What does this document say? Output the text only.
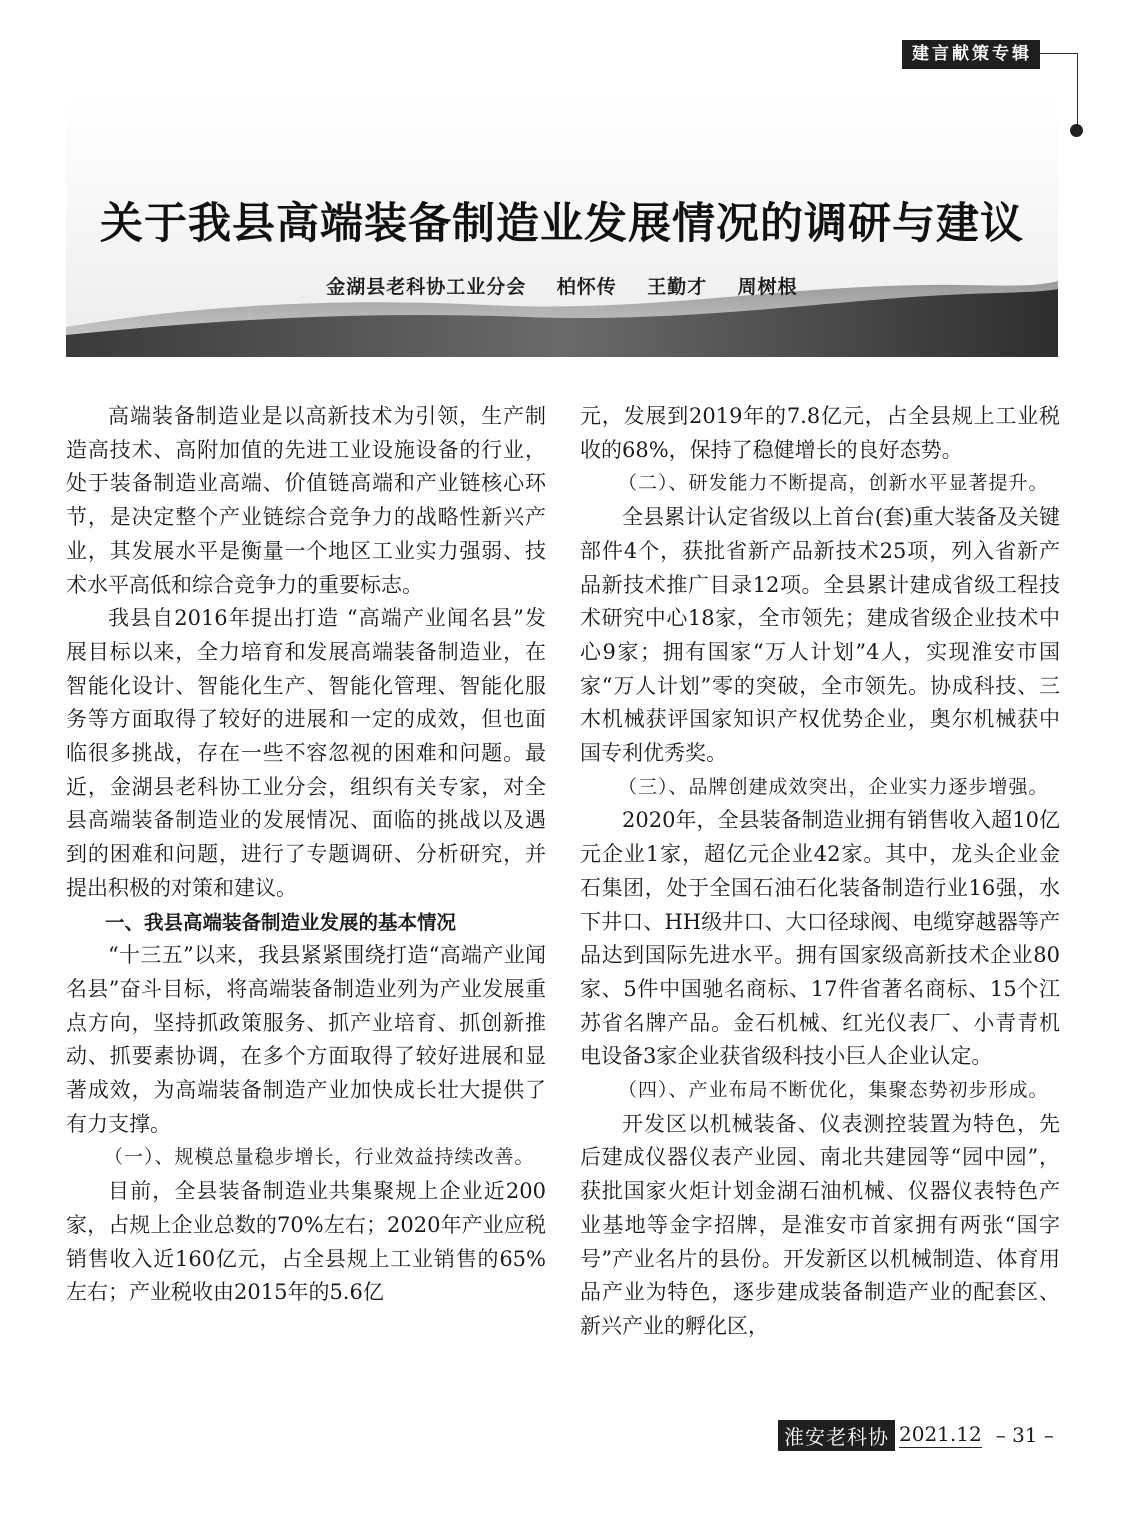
建言献策专辑
关于我县高端装备制造业发展情况的调研与建议
金湖县老科协工业分会    柏怀传    王勤才    周树根

高端装备制造业是以高新技术为引领，生产制造高技术、高附加值的先进工业设施设备的行业，处于装备制造业高端、价值链高端和产业链核心环节，是决定整个产业链综合竞争力的战略性新兴产业，其发展水平是衡量一个地区工业实力强弱、技术水平高低和综合竞争力的重要标志。

我县自2016年提出打造 “高端产业闻名县”发展目标以来，全力培育和发展高端装备制造业，在智能化设计、智能化生产、智能化管理、智能化服务等方面取得了较好的进展和一定的成效，但也面临很多挑战，存在一些不容忽视的困难和问题。最近，金湖县老科协工业分会，组织有关专家，对全县高端装备制造业的发展情况、面临的挑战以及遇到的困难和问题，进行了专题调研、分析研究，并提出积极的对策和建议。

一、我县高端装备制造业发展的基本情况

“十三五”以来，我县紧紧围绕打造“高端产业闻名县”奋斗目标，将高端装备制造业列为产业发展重点方向，坚持抓政策服务、抓产业培育、抓创新推动、抓要素协调，在多个方面取得了较好进展和显著成效，为高端装备制造产业加快成长壮大提供了有力支撑。

（一）、规模总量稳步增长，行业效益持续改善。

目前，全县装备制造业共集聚规上企业近200家，占规上企业总数的70%左右；2020年产业应税销售收入近160亿元，占全县规上工业销售的65%左右；产业税收由2015年的5.6亿

元，发展到2019年的7.8亿元，占全县规上工业税收的68%，保持了稳健增长的良好态势。

（二）、研发能力不断提高，创新水平显著提升。

全县累计认定省级以上首台(套)重大装备及关键部件4个，获批省新产品新技术25项，列入省新产品新技术推广目录12项。全县累计建成省级工程技术研究中心18家，全市领先；建成省级企业技术中心9家；拥有国家“万人计划”4人，实现淮安市国家“万人计划”零的突破，全市领先。协成科技、三木机械获评国家知识产权优势企业，奥尔机械获中国专利优秀奖。

（三）、品牌创建成效突出，企业实力逐步增强。

2020年，全县装备制造业拥有销售收入超10亿元企业1家，超亿元企业42家。其中，龙头企业金石集团，处于全国石油石化装备制造行业16强，水下井口、HH级井口、大口径球阀、电缆穿越器等产品达到国际先进水平。拥有国家级高新技术企业80家、5件中国驰名商标、17件省著名商标、15个江苏省名牌产品。金石机械、红光仪表厂、小青青机电设备3家企业获省级科技小巨人企业认定。

（四）、产业布局不断优化，集聚态势初步形成。

开发区以机械装备、仪表测控装置为特色，先后建成仪器仪表产业园、南北共建园等“园中园”，获批国家火炬计划金湖石油机械、仪器仪表特色产业基地等金字招牌，是淮安市首家拥有两张“国字号”产业名片的县份。开发新区以机械制造、体育用品产业为特色，逐步建成装备制造产业的配套区、新兴产业的孵化区，

淮安老科协 2021.12 – 31 –
